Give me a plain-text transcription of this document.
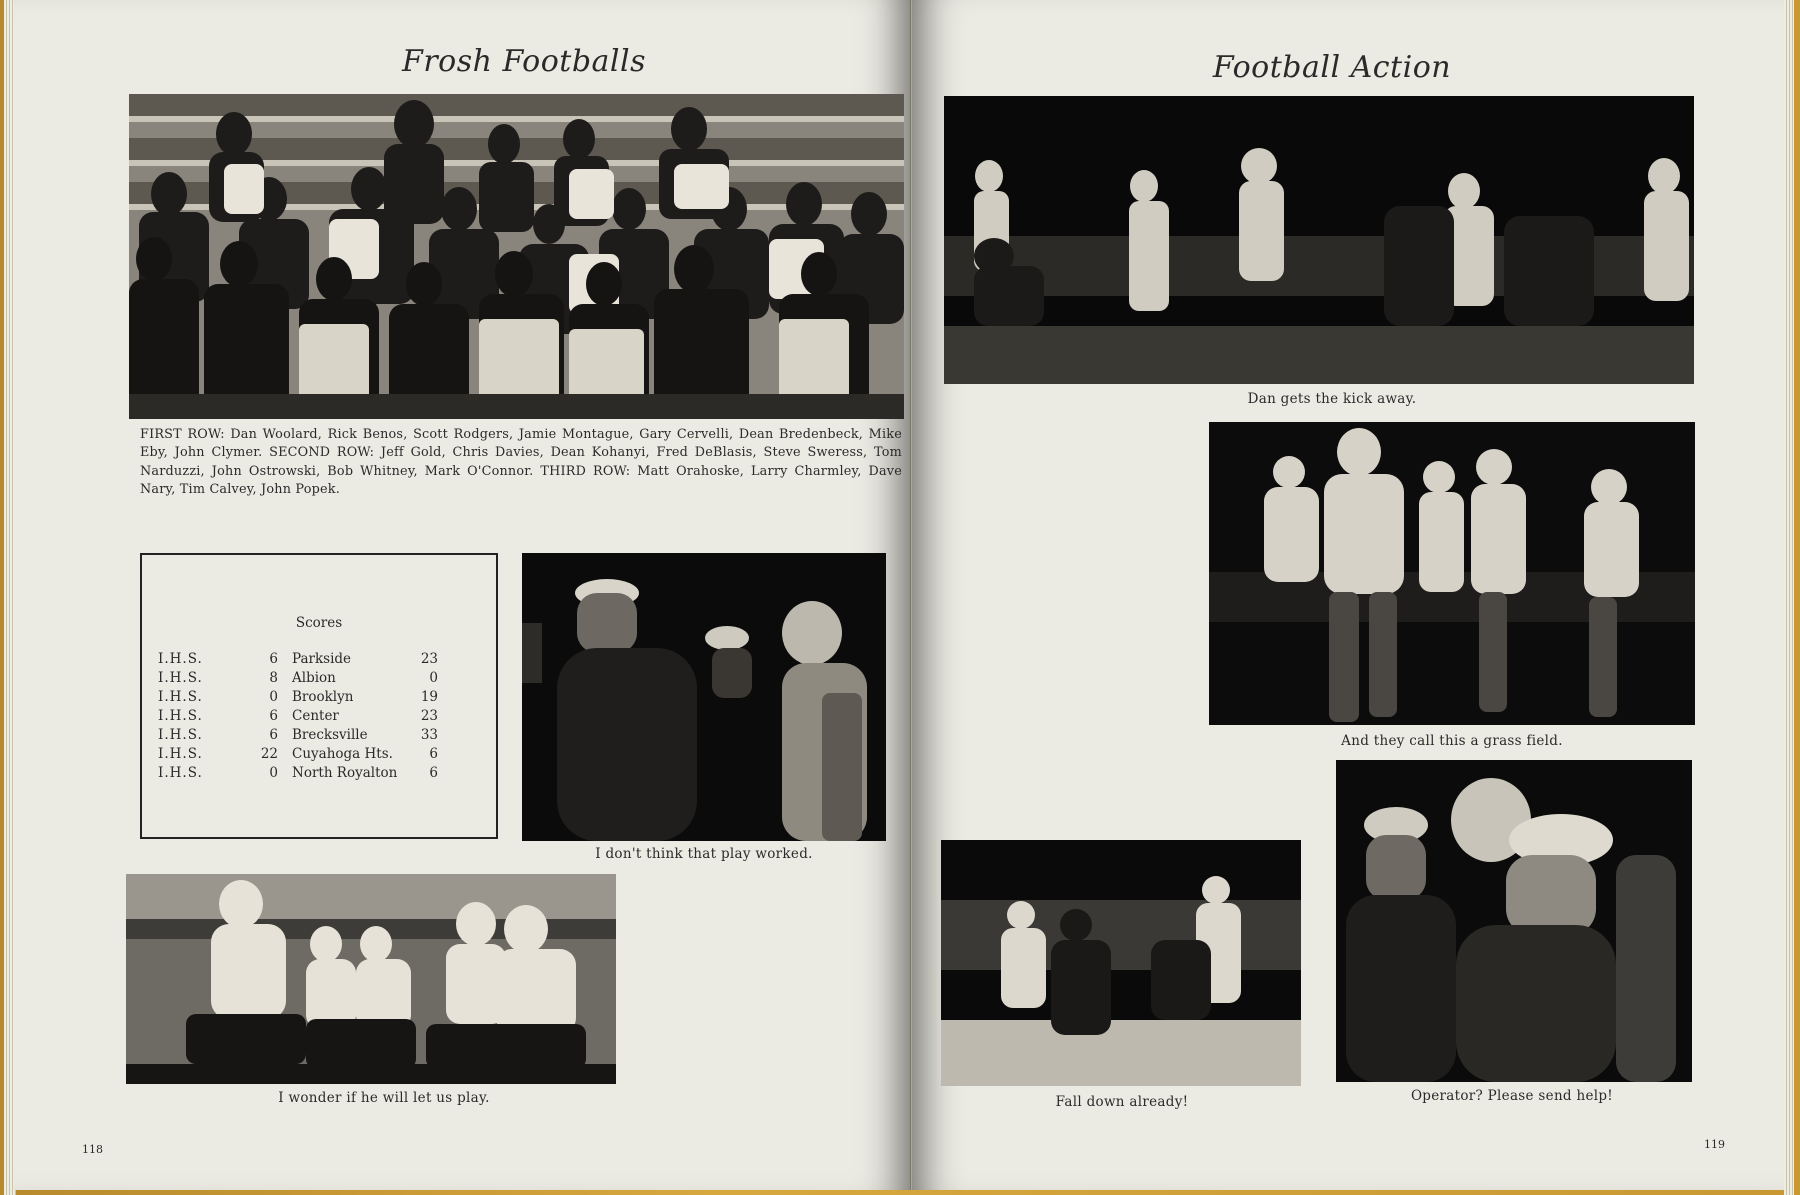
Frosh Footballs
FIRST ROW: Dan Woolard, Rick Benos, Scott Rodgers, Jamie Montague, Gary Cervelli, Dean Bredenbeck, Mike Eby, John Clymer. SECOND ROW: Jeff Gold, Chris Davies, Dean Kohanyi, Fred DeBlasis, Steve Sweress, Tom Narduzzi, John Ostrowski, Bob Whitney, Mark O'Connor. THIRD ROW: Matt Orahoske, Larry Charmley, Dave Nary, Tim Calvey, John Popek.
Scores
I.H.S.	6 Parkside	23
I.H.S.	8 Albion	0
I.H.S.	0 Brooklyn	19
I.H.S.	6 Center	23
I.H.S.	6 Brecksville	33
I.H.S.	22 Cuyahoga Hts.	6
I.H.S.	0 North Royalton	6
I don't think that play worked.
I wonder if he will let us play.
118
Football Action
Dan gets the kick away.
And they call this a grass field.
Fall down already!	Operator? Please send help!
119
